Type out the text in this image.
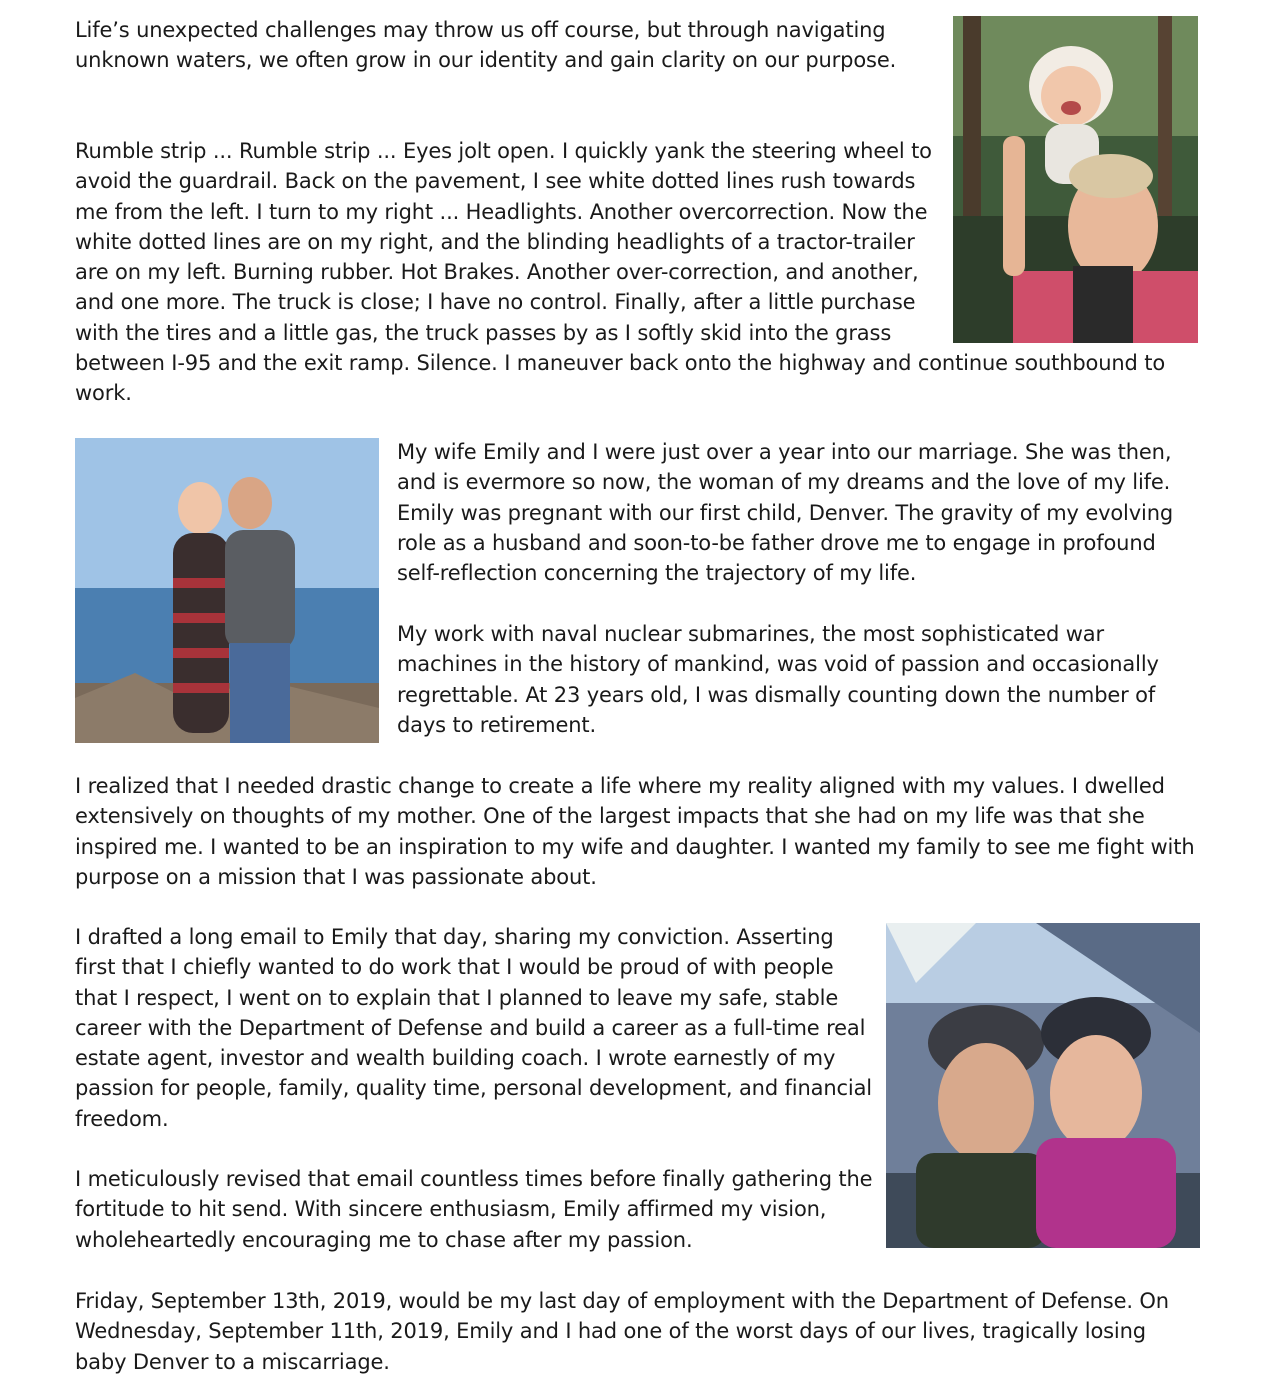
Life’s unexpected challenges may throw us off course, but through navigating unknown waters, we often grow in our identity and gain clarity on our purpose.

Rumble strip ... Rumble strip ... Eyes jolt open. I quickly yank the steering wheel to avoid the guardrail. Back on the pavement, I see white dotted lines rush towards me from the left. I turn to my right ... Headlights. Another overcorrection. Now the white dotted lines are on my right, and the blinding headlights of a tractor-trailer are on my left. Burning rubber. Hot Brakes. Another over-correction, and another, and one more. The truck is close; I have no control. Finally, after a little purchase with the tires and a little gas, the truck passes by as I softly skid into the grass between I-95 and the exit ramp. Silence. I maneuver back onto the highway and continue southbound to work.

My wife Emily and I were just over a year into our marriage. She was then, and is evermore so now, the woman of my dreams and the love of my life. Emily was pregnant with our first child, Denver. The gravity of my evolving role as a husband and soon-to-be father drove me to engage in profound self-reflection concerning the trajectory of my life.

My work with naval nuclear submarines, the most sophisticated war machines in the history of mankind, was void of passion and occasionally regrettable. At 23 years old, I was dismally counting down the number of days to retirement.

I realized that I needed drastic change to create a life where my reality aligned with my values. I dwelled extensively on thoughts of my mother. One of the largest impacts that she had on my life was that she inspired me. I wanted to be an inspiration to my wife and daughter. I wanted my family to see me fight with purpose on a mission that I was passionate about.

I drafted a long email to Emily that day, sharing my conviction. Asserting first that I chiefly wanted to do work that I would be proud of with people that I respect, I went on to explain that I planned to leave my safe, stable career with the Department of Defense and build a career as a full-time real estate agent, investor and wealth building coach. I wrote earnestly of my passion for people, family, quality time, personal development, and financial freedom.

I meticulously revised that email countless times before finally gathering the fortitude to hit send. With sincere enthusiasm, Emily affirmed my vision, wholeheartedly encouraging me to chase after my passion.

Friday, September 13th, 2019, would be my last day of employment with the Department of Defense. On Wednesday, September 11th, 2019, Emily and I had one of the worst days of our lives, tragically losing baby Denver to a miscarriage.
